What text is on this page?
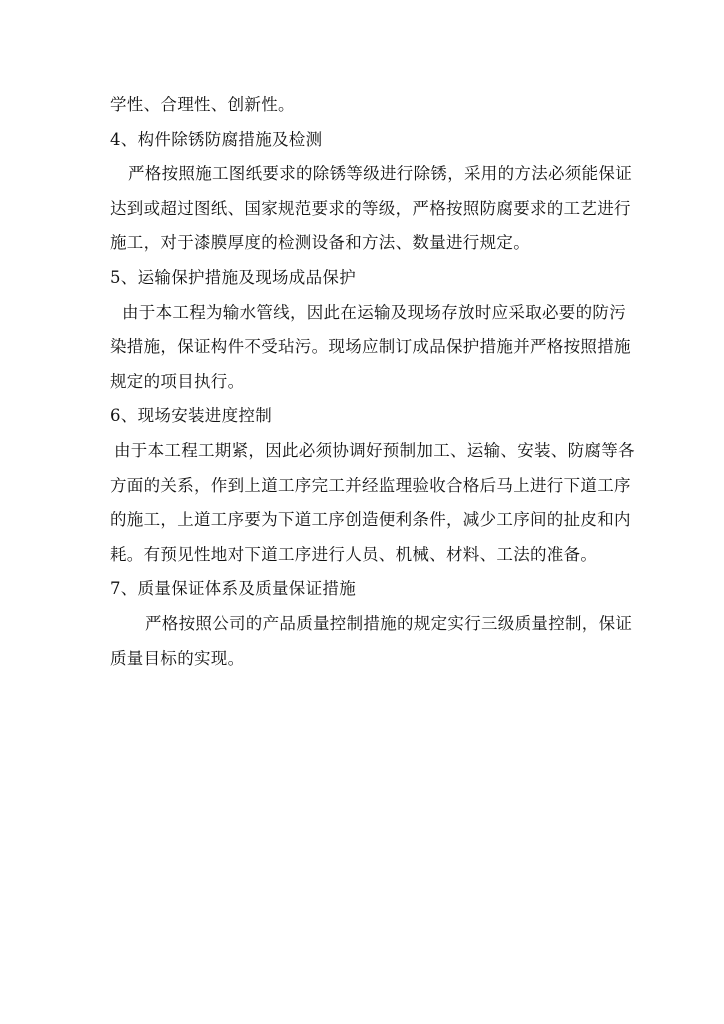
学性、合理性、创新性。
4、构件除锈防腐措施及检测
严格按照施工图纸要求的除锈等级进行除锈，采用的方法必须能保证
达到或超过图纸、国家规范要求的等级，严格按照防腐要求的工艺进行
施工，对于漆膜厚度的检测设备和方法、数量进行规定。
5、运输保护措施及现场成品保护
由于本工程为输水管线，因此在运输及现场存放时应采取必要的防污
染措施，保证构件不受玷污。现场应制订成品保护措施并严格按照措施
规定的项目执行。
6、现场安装进度控制
由于本工程工期紧，因此必须协调好预制加工、运输、安装、防腐等各
方面的关系，作到上道工序完工并经监理验收合格后马上进行下道工序
的施工，上道工序要为下道工序创造便利条件，减少工序间的扯皮和内
耗。有预见性地对下道工序进行人员、机械、材料、工法的准备。
7、质量保证体系及质量保证措施
严格按照公司的产品质量控制措施的规定实行三级质量控制，保证
质量目标的实现。
